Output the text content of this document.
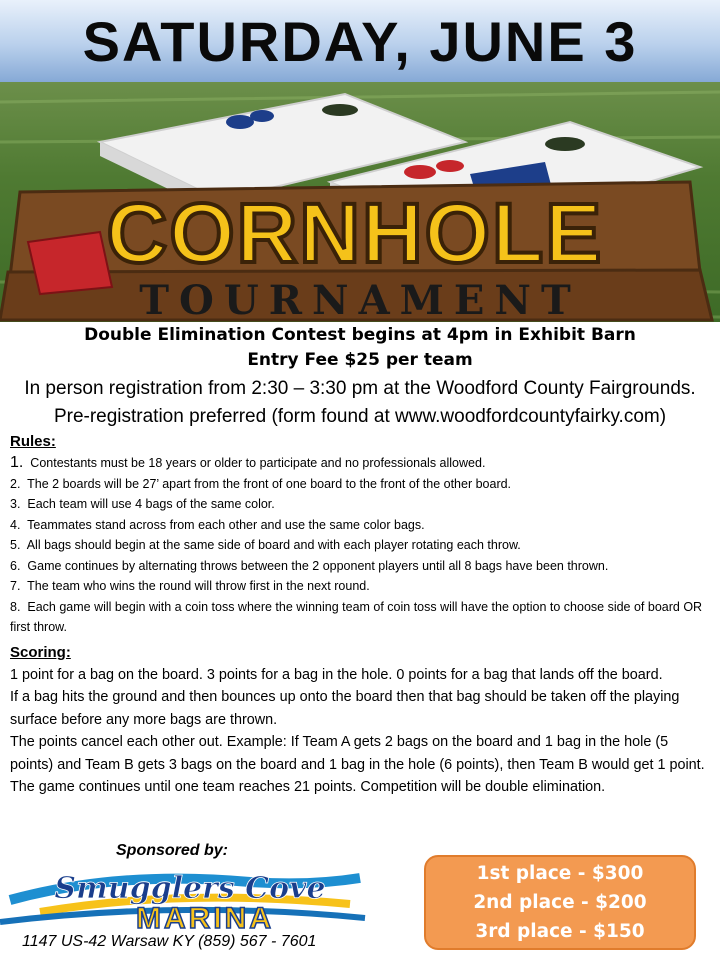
SATURDAY, JUNE 3
CORNHOLE
TOURNAMENT
Double Elimination Contest begins at 4pm in Exhibit Barn
Entry Fee $25 per team
In person registration from 2:30 – 3:30 pm at the Woodford County Fairgrounds.
Pre-registration preferred (form found at www.woodfordcountyfairky.com)
Rules:
1. Contestants must be 18 years or older to participate and no professionals allowed.
2. The 2 boards will be 27’ apart from the front of one board to the front of the other board.
3. Each team will use 4 bags of the same color.
4. Teammates stand across from each other and use the same color bags.
5. All bags should begin at the same side of board and with each player rotating each throw.
6. Game continues by alternating throws between the 2 opponent players until all 8 bags have been thrown.
7. The team who wins the round will throw first in the next round.
8. Each game will begin with a coin toss where the winning team of coin toss will have the option to choose side of board OR first throw.
Scoring:
1 point for a bag on the board. 3 points for a bag in the hole. 0 points for a bag that lands off the board.
If a bag hits the ground and then bounces up onto the board then that bag should be taken off the playing surface before any more bags are thrown.
The points cancel each other out. Example: If Team A gets 2 bags on the board and 1 bag in the hole (5 points) and Team B gets 3 bags on the board and 1 bag in the hole (6 points), then Team B would get 1 point.
The game continues until one team reaches 21 points. Competition will be double elimination.
Sponsored by:
Smugglers Cove
MARINA
1147 US-42 Warsaw KY (859) 567 - 7601
1st place - $300
2nd place - $200
3rd place - $150
